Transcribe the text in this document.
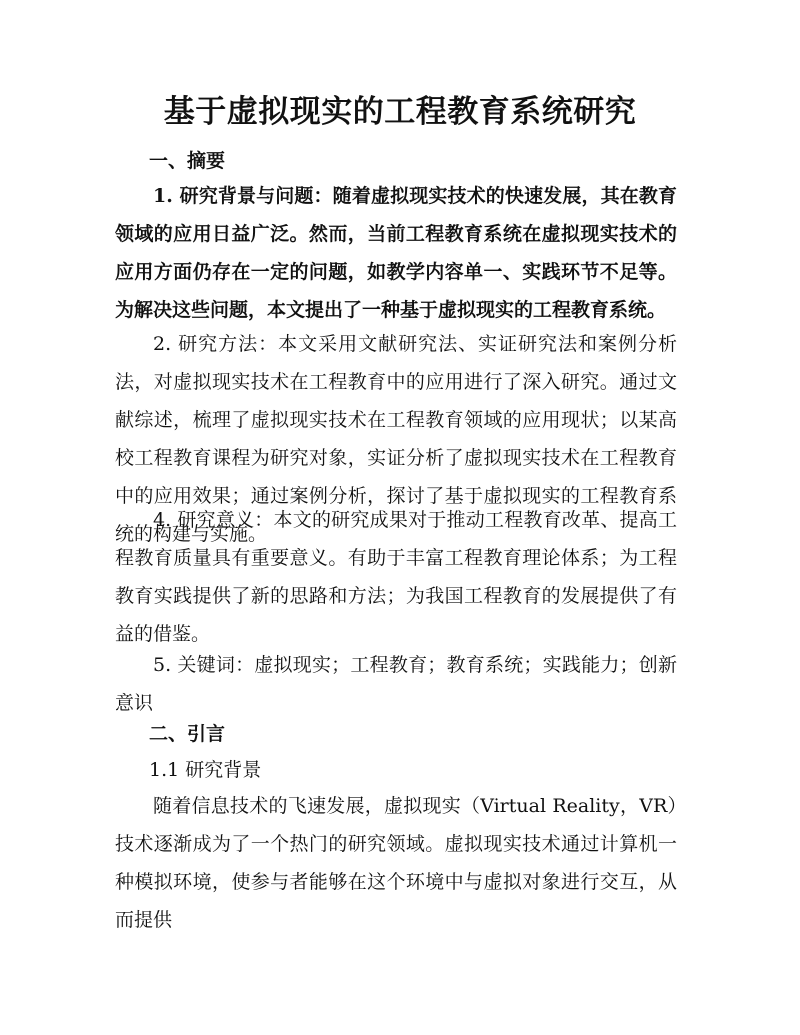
基于虚拟现实的工程教育系统研究
一、摘要

1. 研究背景与问题：随着虚拟现实技术的快速发展，其在教育领域的应用日益广泛。然而，当前工程教育系统在虚拟现实技术的应用方面仍存在一定的问题，如教学内容单一、实践环节不足等。为解决这些问题，本文提出了一种基于虚拟现实的工程教育系统。

2. 研究方法：本文采用文献研究法、实证研究法和案例分析法，对虚拟现实技术在工程教育中的应用进行了深入研究。通过文献综述，梳理了虚拟现实技术在工程教育领域的应用现状；以某高校工程教育课程为研究对象，实证分析了虚拟现实技术在工程教育中的应用效果；通过案例分析，探讨了基于虚拟现实的工程教育系统的构建与实施。

4. 研究意义：本文的研究成果对于推动工程教育改革、提高工程教育质量具有重要意义。有助于丰富工程教育理论体系；为工程教育实践提供了新的思路和方法；为我国工程教育的发展提供了有益的借鉴。

5. 关键词：虚拟现实；工程教育；教育系统；实践能力；创新意识

二、引言
1.1 研究背景

随着信息技术的飞速发展，虚拟现实（Virtual Reality，VR）技术逐渐成为了一个热门的研究领域。虚拟现实技术通过计算机一种模拟环境，使参与者能够在这个环境中与虚拟对象进行交互，从而提供
